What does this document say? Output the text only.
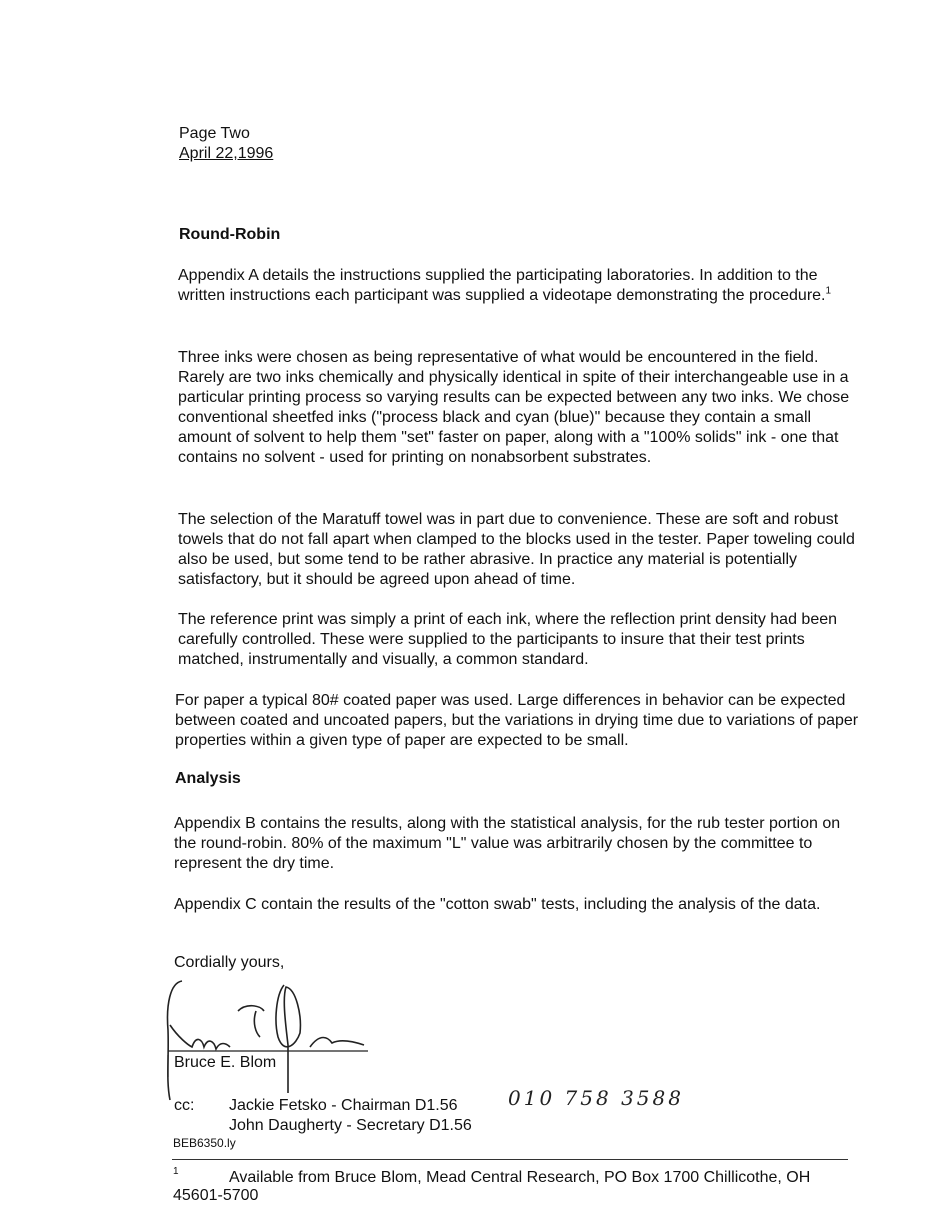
Page Two
April 22,1996
Round-Robin
Appendix A details the instructions supplied the participating laboratories. In addition to the written instructions each participant was supplied a videotape demonstrating the procedure.$^1$
Three inks were chosen as being representative of what would be encountered in the field. Rarely are two inks chemically and physically identical in spite of their interchangeable use in a particular printing process so varying results can be expected between any two inks. We chose conventional sheetfed inks ("process black and cyan (blue)" because they contain a small amount of solvent to help them "set" faster on paper, along with a "100% solids" ink - one that contains no solvent - used for printing on nonabsorbent substrates.
The selection of the Maratuff towel was in part due to convenience. These are soft and robust towels that do not fall apart when clamped to the blocks used in the tester. Paper toweling could also be used, but some tend to be rather abrasive. In practice any material is potentially satisfactory, but it should be agreed upon ahead of time.
The reference print was simply a print of each ink, where the reflection print density had been carefully controlled. These were supplied to the participants to insure that their test prints matched, instrumentally and visually, a common standard.
For paper a typical 80# coated paper was used. Large differences in behavior can be expected between coated and uncoated papers, but the variations in drying time due to variations of paper properties within a given type of paper are expected to be small.
Analysis
Appendix B contains the results, along with the statistical analysis, for the rub tester portion on the round-robin. 80% of the maximum "L" value was arbitrarily chosen by the committee to represent the dry time.
Appendix C contain the results of the "cotton swab" tests, including the analysis of the data.
Cordially yours,
Bruce E. Blom
cc: Jackie Fetsko - Chairman D1.56
John Daugherty - Secretary D1.56
010 758 3588
BEB6350.ly
1	Available from Bruce Blom, Mead Central Research, PO Box 1700 Chillicothe, OH
45601-5700
